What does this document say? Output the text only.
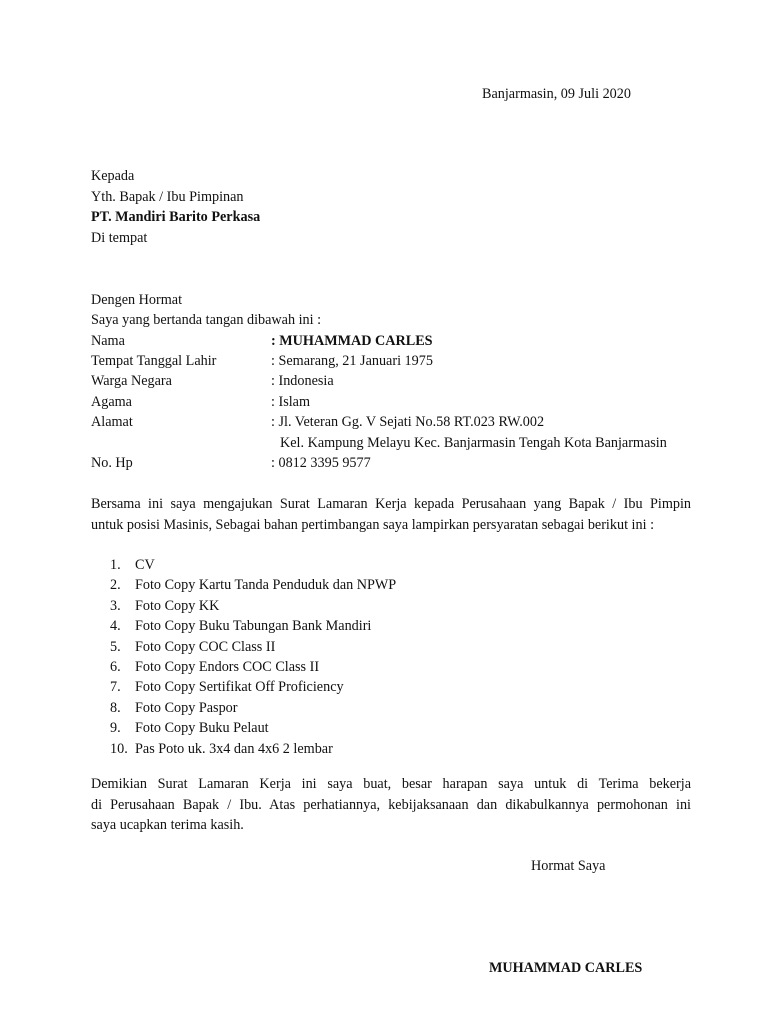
Banjarmasin, 09 Juli 2020
Kepada
Yth. Bapak / Ibu Pimpinan
PT. Mandiri Barito Perkasa
Di tempat
Dengen Hormat
Saya yang bertanda tangan dibawah ini :
Nama	: MUHAMMAD CARLES
Tempat Tanggal Lahir	: Semarang, 21 Januari 1975
Warga Negara	: Indonesia
Agama	: Islam
Alamat	: Jl. Veteran Gg. V Sejati No.58 RT.023 RW.002
Kel. Kampung Melayu Kec. Banjarmasin Tengah Kota Banjarmasin
No. Hp	: 0812 3395 9577
Bersama ini saya mengajukan Surat Lamaran Kerja kepada Perusahaan yang Bapak / Ibu Pimpin
untuk posisi Masinis, Sebagai bahan pertimbangan saya lampirkan persyaratan sebagai berikut ini :
1. CV
2. Foto Copy Kartu Tanda Penduduk dan NPWP
3. Foto Copy KK
4. Foto Copy Buku Tabungan Bank Mandiri
5. Foto Copy COC Class II
6. Foto Copy Endors COC Class II
7. Foto Copy Sertifikat Off Proficiency
8. Foto Copy Paspor
9. Foto Copy Buku Pelaut
10. Pas Poto uk. 3x4 dan 4x6 2 lembar
Demikian Surat Lamaran Kerja ini saya buat, besar harapan saya untuk di Terima bekerja
di Perusahaan Bapak / Ibu. Atas perhatiannya, kebijaksanaan dan dikabulkannya permohonan ini
saya ucapkan terima kasih.
Hormat Saya
MUHAMMAD CARLES
